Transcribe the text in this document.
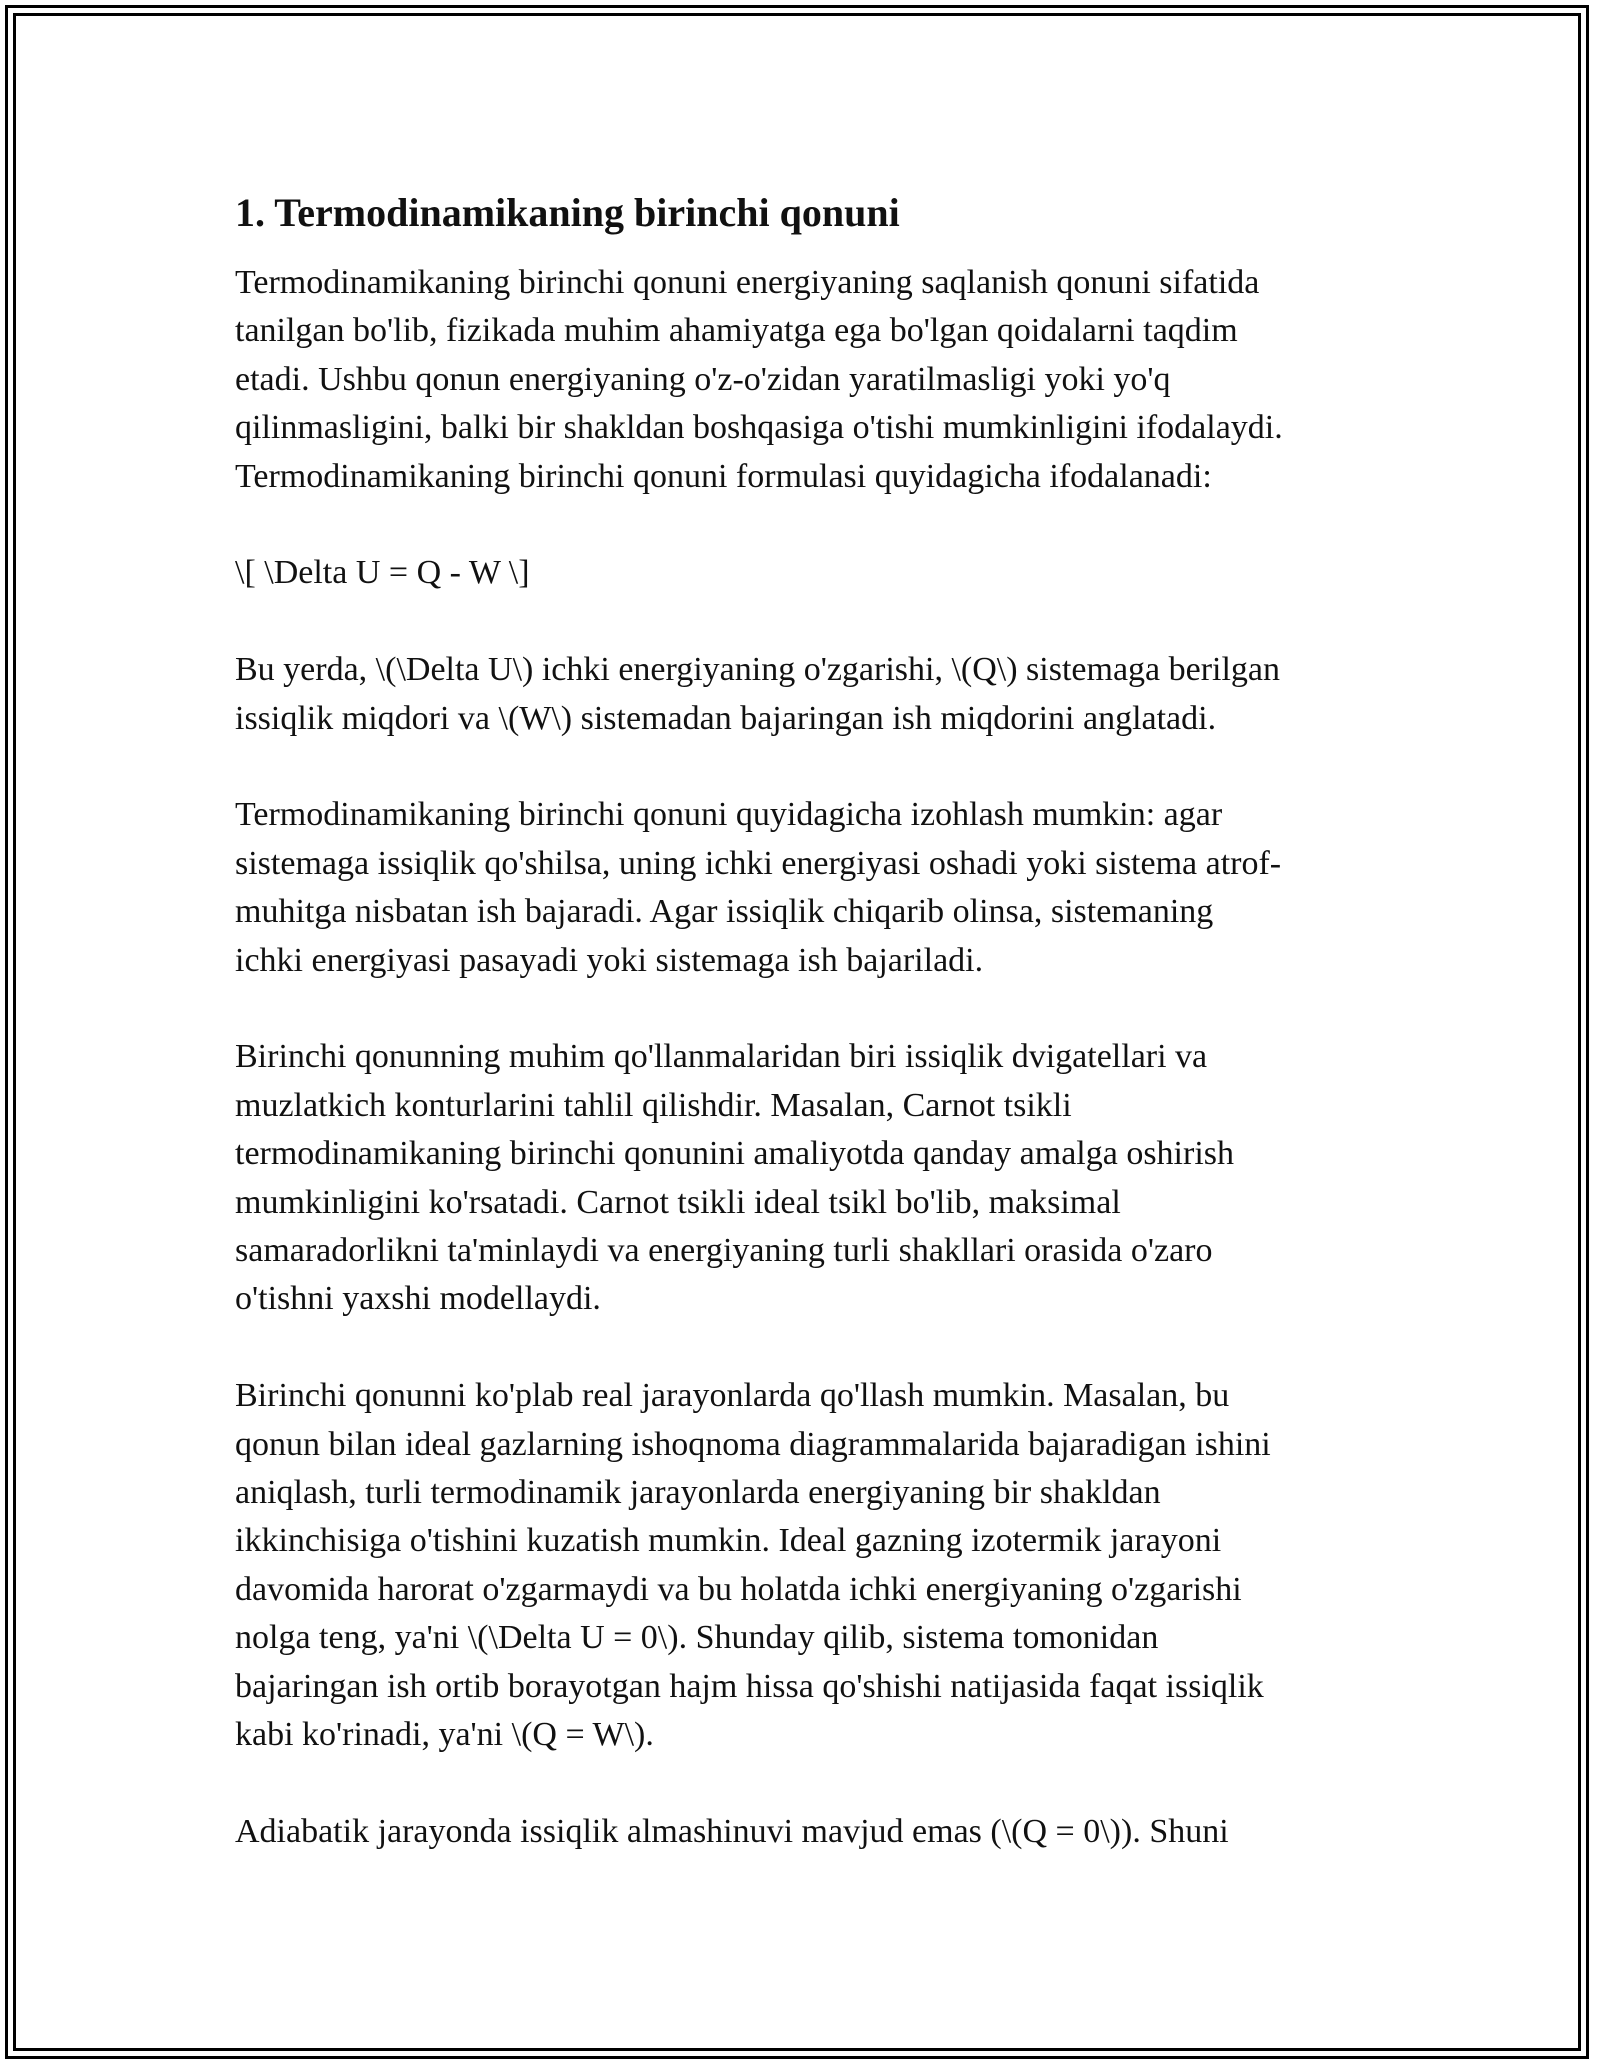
1. Termodinamikaning birinchi qonuni

Termodinamikaning birinchi qonuni energiyaning saqlanish qonuni sifatida
tanilgan bo'lib, fizikada muhim ahamiyatga ega bo'lgan qoidalarni taqdim
etadi. Ushbu qonun energiyaning o'z-o'zidan yaratilmasligi yoki yo'q
qilinmasligini, balki bir shakldan boshqasiga o'tishi mumkinligini ifodalaydi.
Termodinamikaning birinchi qonuni formulasi quyidagicha ifodalanadi:

\[ \Delta U = Q - W \]

Bu yerda, \(\Delta U\) ichki energiyaning o'zgarishi, \(Q\) sistemaga berilgan
issiqlik miqdori va \(W\) sistemadan bajaringan ish miqdorini anglatadi.

Termodinamikaning birinchi qonuni quyidagicha izohlash mumkin: agar
sistemaga issiqlik qo'shilsa, uning ichki energiyasi oshadi yoki sistema atrof-
muhitga nisbatan ish bajaradi. Agar issiqlik chiqarib olinsa, sistemaning
ichki energiyasi pasayadi yoki sistemaga ish bajariladi.

Birinchi qonunning muhim qo'llanmalaridan biri issiqlik dvigatellari va
muzlatkich konturlarini tahlil qilishdir. Masalan, Carnot tsikli
termodinamikaning birinchi qonunini amaliyotda qanday amalga oshirish
mumkinligini ko'rsatadi. Carnot tsikli ideal tsikl bo'lib, maksimal
samaradorlikni ta'minlaydi va energiyaning turli shakllari orasida o'zaro
o'tishni yaxshi modellaydi.

Birinchi qonunni ko'plab real jarayonlarda qo'llash mumkin. Masalan, bu
qonun bilan ideal gazlarning ishoqnoma diagrammalarida bajaradigan ishini
aniqlash, turli termodinamik jarayonlarda energiyaning bir shakldan
ikkinchisiga o'tishini kuzatish mumkin. Ideal gazning izotermik jarayoni
davomida harorat o'zgarmaydi va bu holatda ichki energiyaning o'zgarishi
nolga teng, ya'ni \(\Delta U = 0\). Shunday qilib, sistema tomonidan
bajaringan ish ortib borayotgan hajm hissa qo'shishi natijasida faqat issiqlik
kabi ko'rinadi, ya'ni \(Q = W\).

Adiabatik jarayonda issiqlik almashinuvi mavjud emas (\(Q = 0\)). Shuni
